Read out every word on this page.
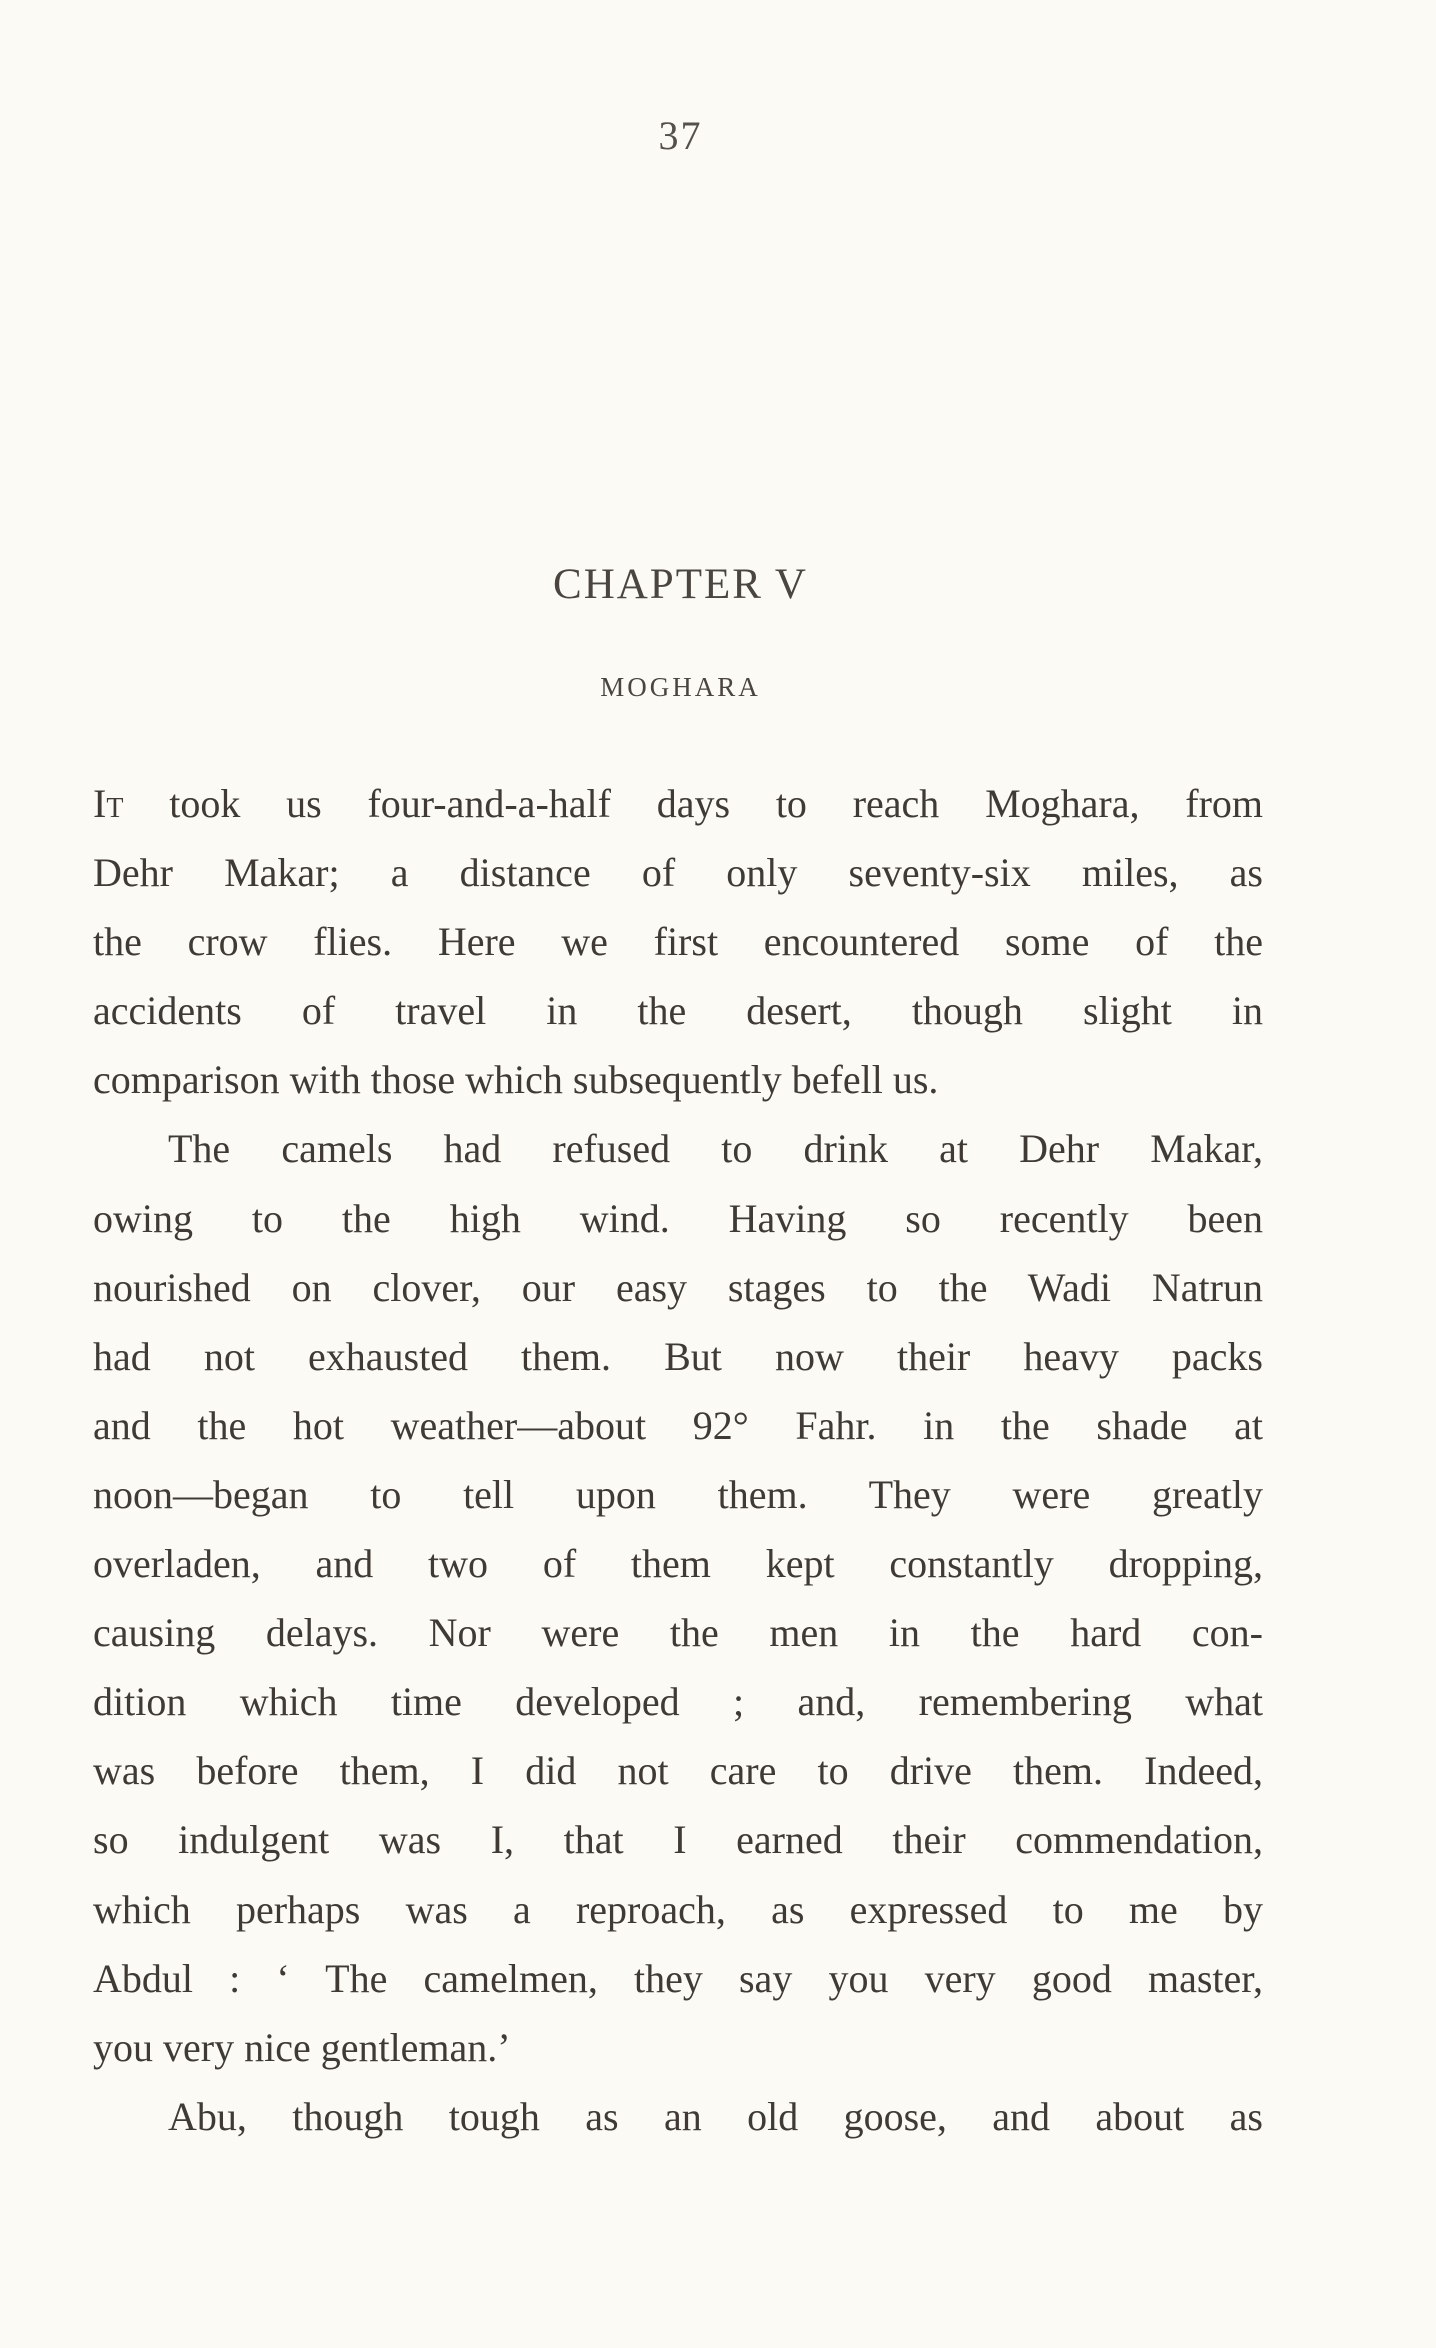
37
CHAPTER V
MOGHARA
It took us four-and-a-half days to reach Moghara, from
Dehr Makar; a distance of only seventy-six miles, as
the crow flies. Here we first encountered some of the
accidents of travel in the desert, though slight in
comparison with those which subsequently befell us.
The camels had refused to drink at Dehr Makar,
owing to the high wind. Having so recently been
nourished on clover, our easy stages to the Wadi Natrun
had not exhausted them. But now their heavy packs
and the hot weather—about 92° Fahr. in the shade at
noon—began to tell upon them. They were greatly
overladen, and two of them kept constantly dropping,
causing delays. Nor were the men in the hard con-
dition which time developed ; and, remembering what
was before them, I did not care to drive them. Indeed,
so indulgent was I, that I earned their commendation,
which perhaps was a reproach, as expressed to me by
Abdul : ‘ The camelmen, they say you very good master,
you very nice gentleman.’
Abu, though tough as an old goose, and about as
